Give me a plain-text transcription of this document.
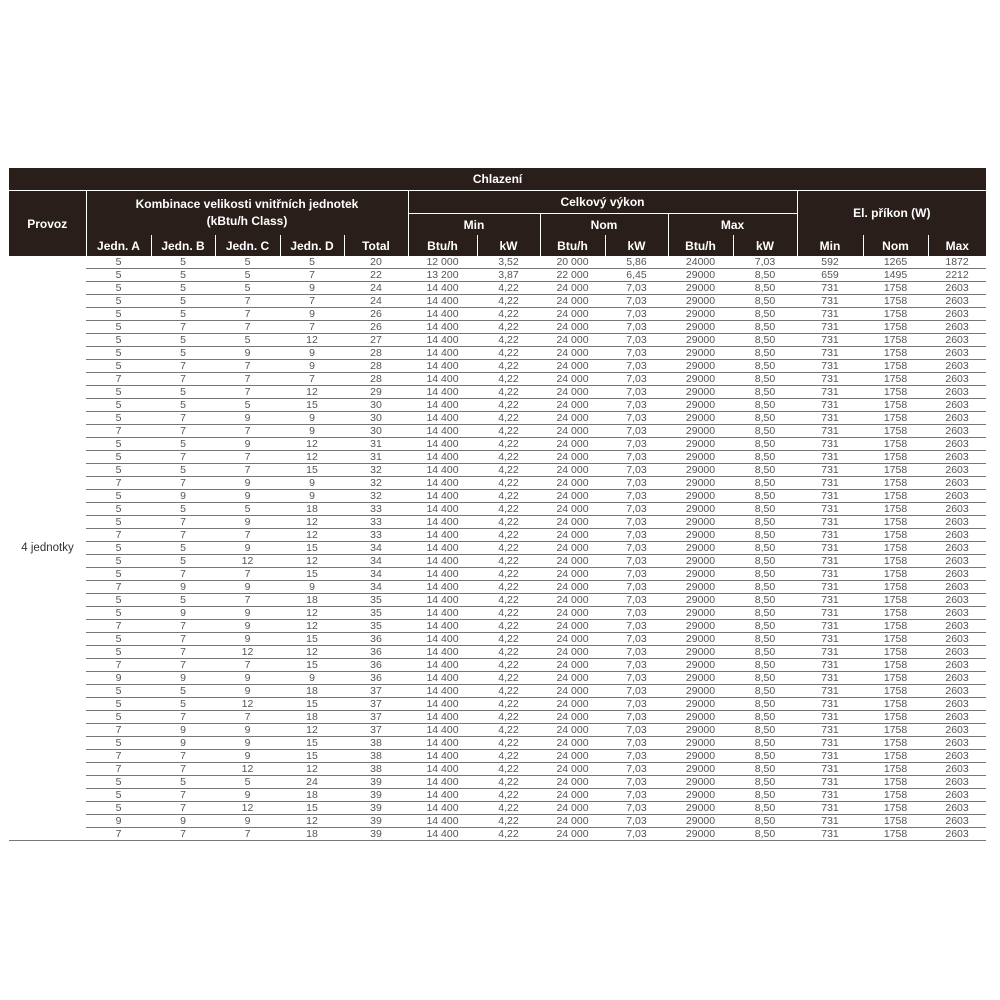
Chlazení														
Provoz	Kombinace velikosti vnitřních jednotek (kBtu/h Class)					Celkový výkon						El. příkon (W)		
						Min		Nom		Max				
	Jedn. A	Jedn. B	Jedn. C	Jedn. D	Total	Btu/h	kW	Btu/h	kW	Btu/h	kW	Min	Nom	Max
4 jednotky	5	5	5	5	20	12 000	3,52	20 000	5,86	24000	7,03	592	1265	1872
	5	5	5	7	22	13 200	3,87	22 000	6,45	29000	8,50	659	1495	2212
	5	5	5	9	24	14 400	4,22	24 000	7,03	29000	8,50	731	1758	2603
	5	5	7	7	24	14 400	4,22	24 000	7,03	29000	8,50	731	1758	2603
	5	5	7	9	26	14 400	4,22	24 000	7,03	29000	8,50	731	1758	2603
	5	7	7	7	26	14 400	4,22	24 000	7,03	29000	8,50	731	1758	2603
	5	5	5	12	27	14 400	4,22	24 000	7,03	29000	8,50	731	1758	2603
	5	5	9	9	28	14 400	4,22	24 000	7,03	29000	8,50	731	1758	2603
	5	7	7	9	28	14 400	4,22	24 000	7,03	29000	8,50	731	1758	2603
	7	7	7	7	28	14 400	4,22	24 000	7,03	29000	8,50	731	1758	2603
	5	5	7	12	29	14 400	4,22	24 000	7,03	29000	8,50	731	1758	2603
	5	5	5	15	30	14 400	4,22	24 000	7,03	29000	8,50	731	1758	2603
	5	7	9	9	30	14 400	4,22	24 000	7,03	29000	8,50	731	1758	2603
	7	7	7	9	30	14 400	4,22	24 000	7,03	29000	8,50	731	1758	2603
	5	5	9	12	31	14 400	4,22	24 000	7,03	29000	8,50	731	1758	2603
	5	7	7	12	31	14 400	4,22	24 000	7,03	29000	8,50	731	1758	2603
	5	5	7	15	32	14 400	4,22	24 000	7,03	29000	8,50	731	1758	2603
	7	7	9	9	32	14 400	4,22	24 000	7,03	29000	8,50	731	1758	2603
	5	9	9	9	32	14 400	4,22	24 000	7,03	29000	8,50	731	1758	2603
	5	5	5	18	33	14 400	4,22	24 000	7,03	29000	8,50	731	1758	2603
	5	7	9	12	33	14 400	4,22	24 000	7,03	29000	8,50	731	1758	2603
	7	7	7	12	33	14 400	4,22	24 000	7,03	29000	8,50	731	1758	2603
	5	5	9	15	34	14 400	4,22	24 000	7,03	29000	8,50	731	1758	2603
	5	5	12	12	34	14 400	4,22	24 000	7,03	29000	8,50	731	1758	2603
	5	7	7	15	34	14 400	4,22	24 000	7,03	29000	8,50	731	1758	2603
	7	9	9	9	34	14 400	4,22	24 000	7,03	29000	8,50	731	1758	2603
	5	5	7	18	35	14 400	4,22	24 000	7,03	29000	8,50	731	1758	2603
	5	9	9	12	35	14 400	4,22	24 000	7,03	29000	8,50	731	1758	2603
	7	7	9	12	35	14 400	4,22	24 000	7,03	29000	8,50	731	1758	2603
	5	7	9	15	36	14 400	4,22	24 000	7,03	29000	8,50	731	1758	2603
	5	7	12	12	36	14 400	4,22	24 000	7,03	29000	8,50	731	1758	2603
	7	7	7	15	36	14 400	4,22	24 000	7,03	29000	8,50	731	1758	2603
	9	9	9	9	36	14 400	4,22	24 000	7,03	29000	8,50	731	1758	2603
	5	5	9	18	37	14 400	4,22	24 000	7,03	29000	8,50	731	1758	2603
	5	5	12	15	37	14 400	4,22	24 000	7,03	29000	8,50	731	1758	2603
	5	7	7	18	37	14 400	4,22	24 000	7,03	29000	8,50	731	1758	2603
	7	9	9	12	37	14 400	4,22	24 000	7,03	29000	8,50	731	1758	2603
	5	9	9	15	38	14 400	4,22	24 000	7,03	29000	8,50	731	1758	2603
	7	7	9	15	38	14 400	4,22	24 000	7,03	29000	8,50	731	1758	2603
	7	7	12	12	38	14 400	4,22	24 000	7,03	29000	8,50	731	1758	2603
	5	5	5	24	39	14 400	4,22	24 000	7,03	29000	8,50	731	1758	2603
	5	7	9	18	39	14 400	4,22	24 000	7,03	29000	8,50	731	1758	2603
	5	7	12	15	39	14 400	4,22	24 000	7,03	29000	8,50	731	1758	2603
	9	9	9	12	39	14 400	4,22	24 000	7,03	29000	8,50	731	1758	2603
	7	7	7	18	39	14 400	4,22	24 000	7,03	29000	8,50	731	1758	2603
